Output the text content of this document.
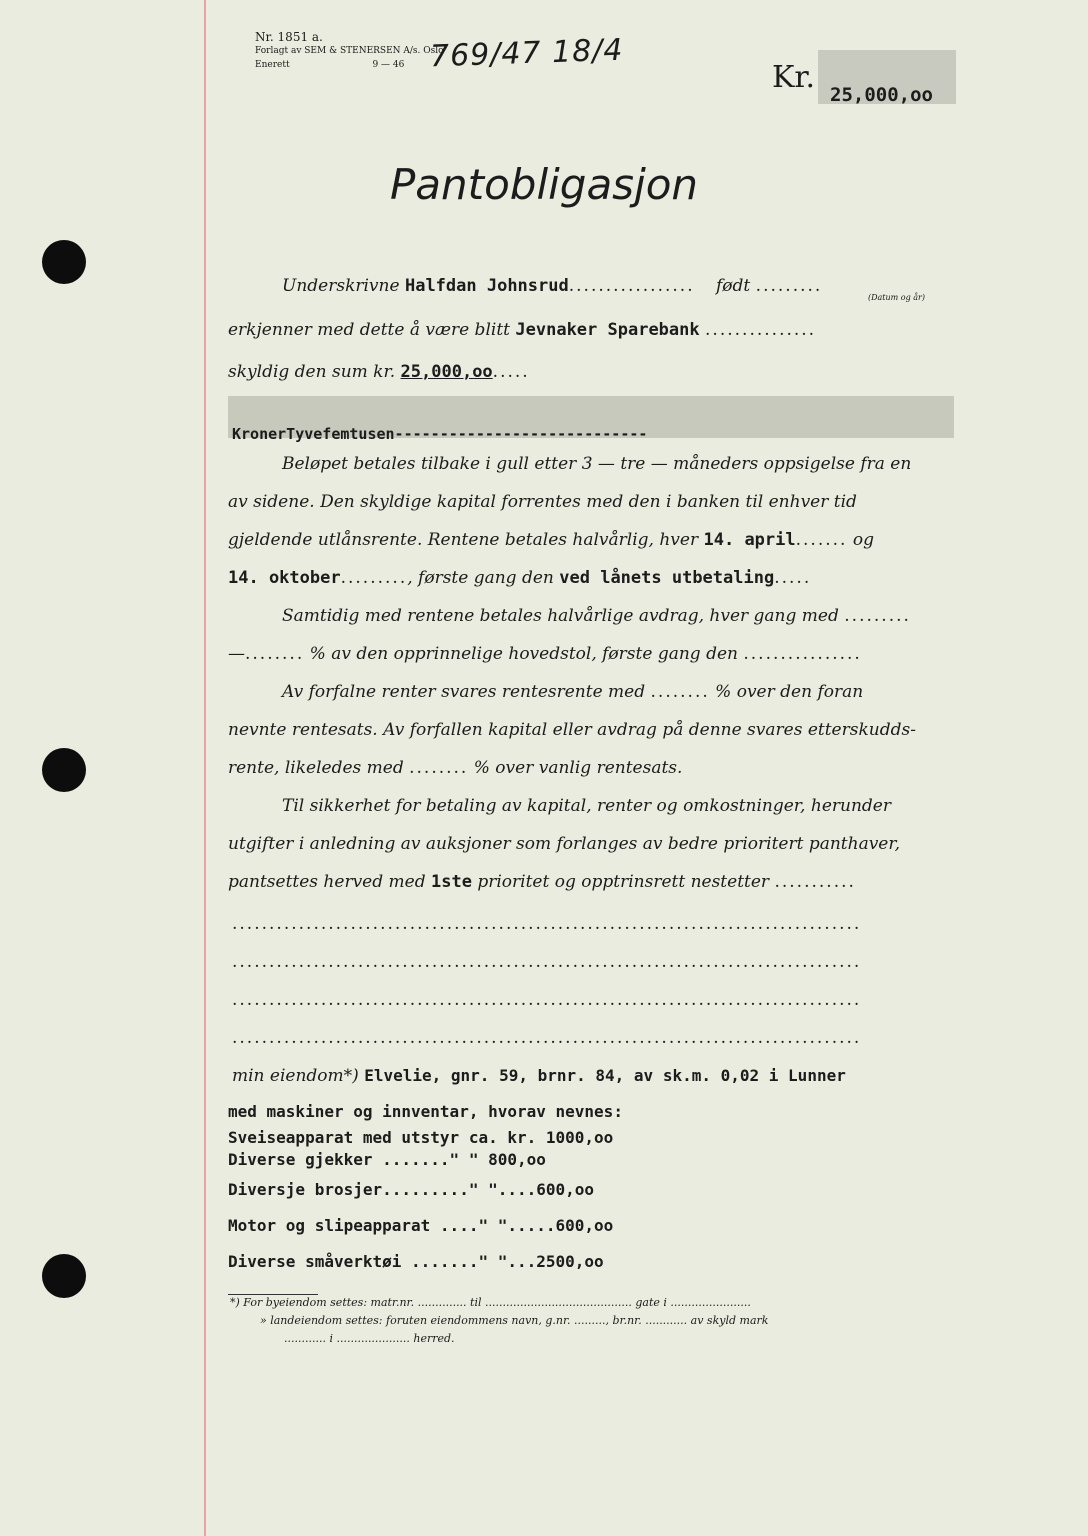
Nr. 1851 a.
Forlagt av SEM & STENERSEN A/s. Oslo
Enerett	9 — 46 769/47 18/4
Kr. 25,000,oo
Pantobligasjon
Underskrivne Halfdan Johnsrud................. født .........
(Datum og år)
erkjenner med dette å være blitt Jevnaker Sparebank ...............
skyldig den sum kr. 25,000,oo.....
KronerTyvefemtusen----------------------------
Beløpet betales tilbake i gull etter 3 — tre — måneders oppsigelse fra en
av sidene. Den skyldige kapital forrentes med den i banken til enhver tid
gjeldende utlånsrente. Rentene betales halvårlig, hver 14. april....... og
14. oktober........., første gang den ved lånets utbetaling.....
Samtidig med rentene betales halvårlige avdrag, hver gang med .........
—........ % av den opprinnelige hovedstol, første gang den ................
Av forfalne renter svares rentesrente med ........ % over den foran
nevnte rentesats. Av forfallen kapital eller avdrag på denne svares etterskudds-
rente, likeledes med ........ % over vanlig rentesats.
Til sikkerhet for betaling av kapital, renter og omkostninger, herunder
utgifter i anledning av auksjoner som forlanges av bedre prioritert panthaver,
pantsettes herved med 1ste prioritet og opptrinsrett nestetter ...........
.....................................................................................
.....................................................................................
.....................................................................................
.....................................................................................
min eiendom*) Elvelie, gnr. 59, brnr. 84, av sk.m. 0,02 i Lunner
med maskiner og innventar, hvorav nevnes:
Sveiseapparat med utstyr ca. kr. 1000,oo
Diverse gjekker ......." " 800,oo
Diversje brosjer........." "....600,oo
Motor og slipeapparat ...." ".....600,oo
Diverse småverktøi ......." "...2500,oo
*) For byeiendom settes: matr.nr. .............. til .......................................... gate i .......................
» landeiendom settes: foruten eiendommens navn, g.nr. ........., br.nr. ............ av skyld mark
............ i ..................... herred.
